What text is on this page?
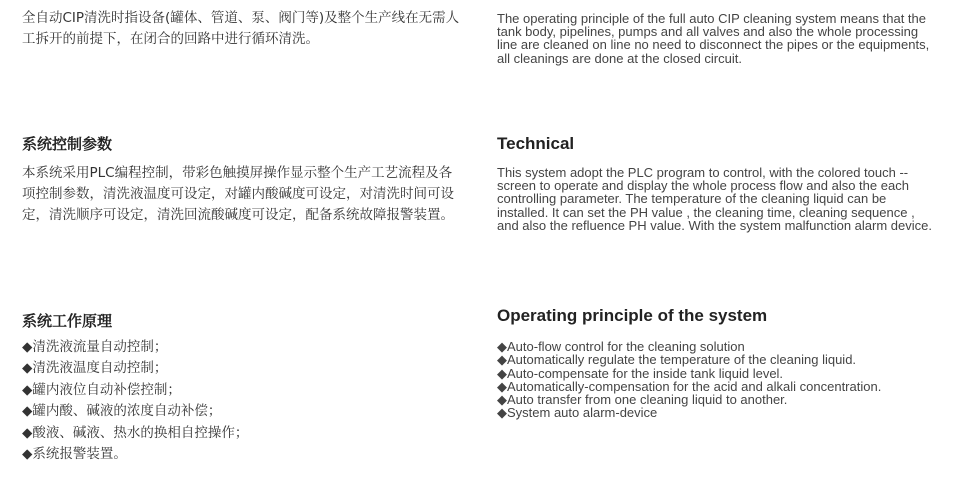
全自动CIP清洗时指设备(罐体、管道、泵、阀门等)及整个生产线在无需人工拆开的前提下，在闭合的回路中进行循环清洗。

系统控制参数

本系统采用PLC编程控制，带彩色触摸屏操作显示整个生产工艺流程及各项控制参数，清洗液温度可设定，对罐内酸碱度可设定，对清洗时间可设定，清洗顺序可设定，清洗回流酸碱度可设定，配备系统故障报警装置。

系统工作原理
◆清洗液流量自动控制；
◆清洗液温度自动控制；
◆罐内液位自动补偿控制；
◆罐内酸、碱液的浓度自动补偿；
◆酸液、碱液、热水的换相自控操作；
◆系统报警装置。

The operating principle of the full auto CIP cleaning system means that the tank body, pipelines, pumps and all valves and also the whole processing line are cleaned on line no need to disconnect the pipes or the equipments, all cleanings are done at the closed circuit.

Technical

This system adopt the PLC program to control, with the colored touch --screen to operate and display the whole process flow and also the each controlling parameter. The temperature of the cleaning liquid can be installed. It can set the PH value , the cleaning time, cleaning sequence , and also the refluence PH value. With the system malfunction alarm device.

Operating principle of the system
◆Auto-flow control for the cleaning solution
◆Automatically regulate the temperature of the cleaning liquid.
◆Auto-compensate for the inside tank liquid level.
◆Automatically-compensation for the acid and alkali concentration.
◆Auto transfer from one cleaning liquid to another.
◆System auto alarm-device
